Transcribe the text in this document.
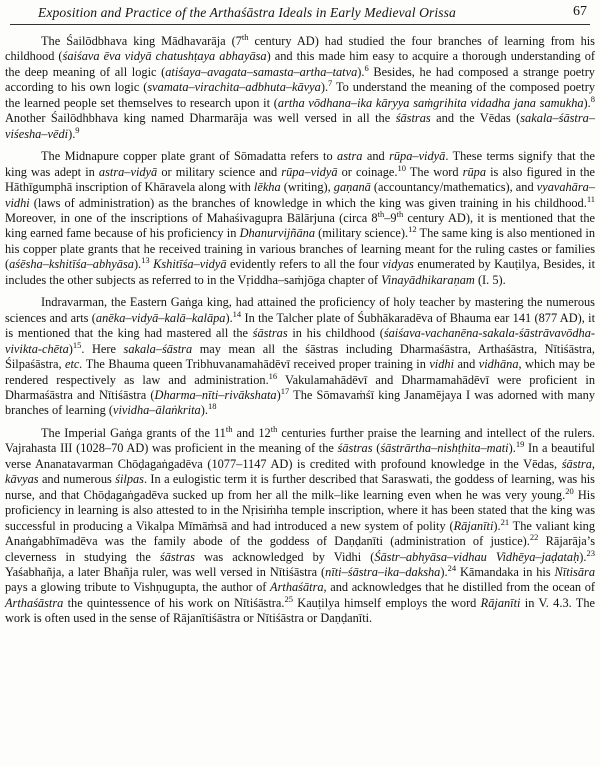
Exposition and Practice of the Arthaśāstra Ideals in Early Medieval Orissa	67

The Śailōdbhava king Mādhavarāja (7th century AD) had studied the four branches of learning from his childhood (śaiśava ēva vidyā chatushṭaya abhayāsa) and this made him easy to acquire a thorough understanding of the deep meaning of all logic (atiśaya–avagata–samasta–artha–tatva).$^6$ Besides, he had composed a strange poetry according to his own logic (svamata–virachita–adbhuta–kāvya).$^7$ To understand the meaning of the composed poetry the learned people set themselves to research upon it (artha vōdhana–ika kāryya saṁgrihita vidadha jana samukha).$^8$ Another Śailōdhbhava king named Dharmarāja was well versed in all the śāstras and the Vēdas (sakala–śāstra–viśesha–vēdi).$^9$

The Midnapure copper plate grant of Sōmadatta refers to astra and rūpa–vidyā. These terms signify that the king was adept in astra–vidyā or military science and rūpa–vidyā or coinage.$^{10}$ The word rūpa is also figured in the Hāthīgumphā inscription of Khāravela along with lēkha (writing), gaṇanā (accountancy/mathematics), and vyavahāra–vidhi (laws of administration) as the branches of knowledge in which the king was given training in his childhood.$^{11}$ Moreover, in one of the inscriptions of Mahaśivagupra Bālārjuna (circa 8th–9th century AD), it is mentioned that the king earned fame because of his proficiency in Dhanurvijñāna (military science).$^{12}$ The same king is also mentioned in his copper plate grants that he received training in various branches of learning meant for the ruling castes or families (aśēsha–kshitīśa–abhyāsa).$^{13}$ Kshitīśa–vidyā evidently refers to all the four vidyas enumerated by Kauṭilya, Besides, it includes the other subjects as referred to in the Vṛiddha–saṁjōga chapter of Vinayādhikaraṇam (I. 5).

Indravarman, the Eastern Gaṅga king, had attained the proficiency of holy teacher by mastering the numerous sciences and arts (anēka–vidyā–kalā–kalāpa).$^{14}$ In the Talcher plate of Śubhākaradēva of Bhauma ear 141 (877 AD), it is mentioned that the king had mastered all the śāstras in his childhood (śaiśava-vachanēna-sakala-śāstrāvavōdha-vivikta-chēta)$^{15}$. Here sakala–śāstra may mean all the śāstras including Dharmaśāstra, Arthaśāstra, Nītiśāstra, Śilpaśāstra, etc. The Bhauma queen Tribhuvanamahādēvī received proper training in vidhi and vidhāna, which may be rendered respectively as law and administration.$^{16}$ Vakulamahādēvī and Dharmamahādēvī were proficient in Dharmaśāstra and Nītiśāstra (Dharma–nīti–rivākshata)$^{17}$ The Sōmavaṁśī king Janamējaya I was adorned with many branches of learning (vividha–ālaṅkrita).$^{18}$

The Imperial Gaṅga grants of the 11th and 12th centuries further praise the learning and intellect of the rulers. Vajrahasta III (1028–70 AD) was proficient in the meaning of the śāstras (śāstrārtha–nishṭhita–mati).$^{19}$ In a beautiful verse Ananatavarman Chōḍagaṅgadēva (1077–1147 AD) is credited with profound knowledge in the Vēdas, śāstra, kāvyas and numerous śilpas. In a eulogistic term it is further described that Saraswati, the goddess of learning, was his nurse, and that Chōḍagaṅgadēva sucked up from her all the milk–like learning even when he was very young.$^{20}$ His proficiency in learning is also attested to in the Nṛisiṁha temple inscription, where it has been stated that the king was successful in producing a Vikalpa Mīmāṁsā and had introduced a new system of polity (Rājanīti).$^{21}$ The valiant king Anaṅgabhīmadēva was the family abode of the goddess of Daṇḍanīti (administration of justice).$^{22}$ Rājarāja’s cleverness in studying the śāstras was acknowledged by Vidhi (Śāstr–abhyāsa–vidhau Vidhēya–jaḍataḥ).$^{23}$ Yaśabhañja, a later Bhañja ruler, was well versed in Nītiśāstra (nīti–śāstra–ika–daksha).$^{24}$ Kāmandaka in his Nītisāra pays a glowing tribute to Vishṇugupta, the author of Arthaśātra, and acknowledges that he distilled from the ocean of Arthaśāstra the quintessence of his work on Nītiśāstra.$^{25}$ Kauṭilya himself employs the word Rājanīti in V. 4.3. The work is often used in the sense of Rājanītiśāstra or Nītiśāstra or Daṇḍanīti.
